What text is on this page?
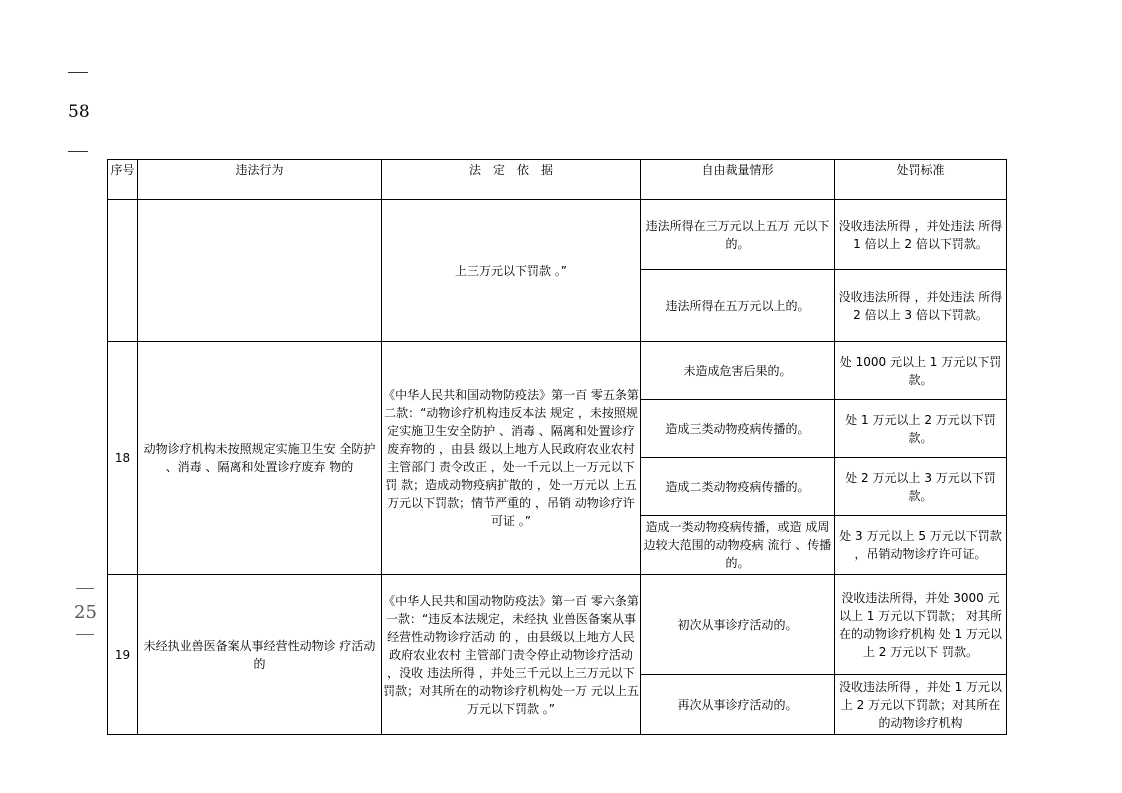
58
25
序号	违法行为	法　定　依　据	自由裁量情形	处罚标准
		上三万元以下罚款 。”	违法所得在三万元以上五万 元以下的。	没收违法所得 ，并处违法 所得 1 倍以上 2 倍以下罚款。
			违法所得在五万元以上的。	没收违法所得 ，并处违法 所得 2 倍以上 3 倍以下罚款。
18	动物诊疗机构未按照规定实施卫生安 全防护 、消毒 、隔离和处置诊疗废弃 物的	《中华人民共和国动物防疫法》第一百 零五条第二款：“动物诊疗机构违反本法 规定 ，未按照规定实施卫生安全防护 、消毒 、隔离和处置诊疗废弃物的 ，由县 级以上地方人民政府农业农村主管部门 责令改正 ，处一千元以上一万元以下罚 款；造成动物疫病扩散的 ，处一万元以 上五万元以下罚款；情节严重的 ，吊销 动物诊疗许可证 。”	未造成危害后果的。	处 1000 元以上 1 万元以下罚款。
			造成三类动物疫病传播的。	处 1 万元以上 2 万元以下罚款。
			造成二类动物疫病传播的。	处 2 万元以上 3 万元以下罚款。
			造成一类动物疫病传播，或造 成周边较大范围的动物疫病 流行 、传播的。	处 3 万元以上 5 万元以下罚款 ，吊销动物诊疗许可证。
19	未经执业兽医备案从事经营性动物诊 疗活动的	《中华人民共和国动物防疫法》第一百 零六条第一款：“违反本法规定，未经执 业兽医备案从事经营性动物诊疗活动 的 ，由县级以上地方人民政府农业农村 主管部门责令停止动物诊疗活动 ，没收 违法所得 ，并处三千元以上三万元以下 罚款；对其所在的动物诊疗机构处一万 元以上五万元以下罚款 。”	初次从事诊疗活动的。	没收违法所得，并处 3000 元以上 1 万元以下罚款； 对其所在的动物诊疗机构 处 1 万元以上 2 万元以下 罚款。
			再次从事诊疗活动的。	没收违法所得 ，并处 1 万元以上 2 万元以下罚款；对其所在的动物诊疗机构
